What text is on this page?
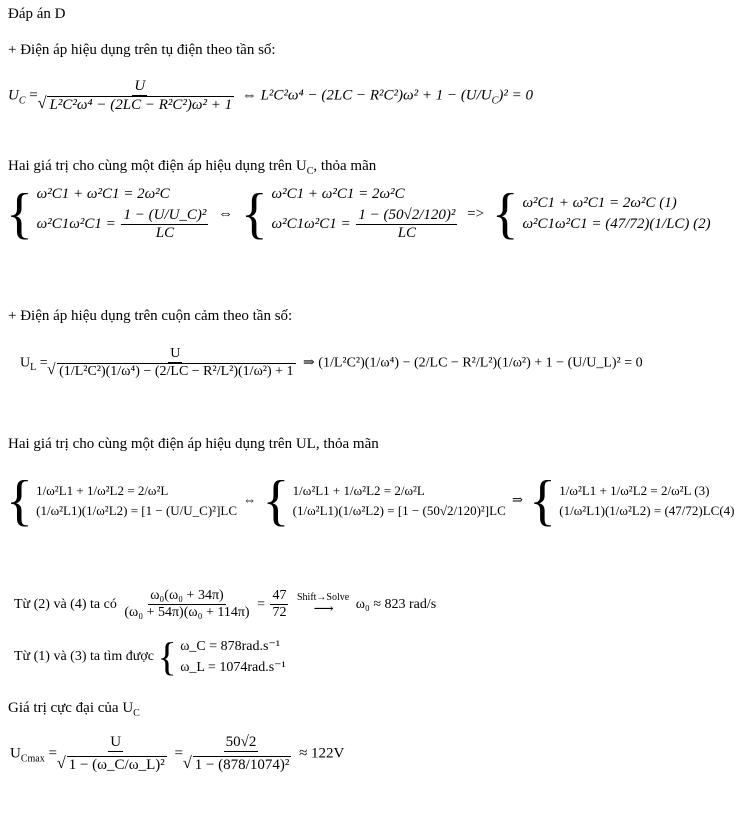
Đáp án D
+ Điện áp hiệu dụng trên tụ điện theo tần số:
$U_C = U$
√ L²C²ω⁴ − (2LC − R²C²)ω² + 1 ⇔ $L^2C^2\omega^4 - (2LC - R^2C^2)\omega^2 + 1 - (U/U_C)^2 = 0$
Hai giá trị cho cùng một điện áp hiệu dụng trên $U_C$, thỏa mãn
{ ω²C1 + ω²C1 = 2ω²C
$\omega^2C1\omega^2C1 = \frac{\text{1 − (U/U\_C)²}}{LC}$ ⇔ { ω²C1 + ω²C1 = 2ω²C
$\omega^2C1\omega^2C1 = \frac{\text{1 − (50√2/120)²}}{LC}$ => { ω²C1 + ω²C1 = 2ω²C (1)
ω²C1ω²C1 = (47/72)(1/LC) (2)
+ Điện áp hiệu dụng trên cuộn cảm theo tần số:
$U_L = U$
√ (1/L²C²)(1/ω⁴) − (2/LC − R²/L²)(1/ω²) + 1 ⇒ (1/L²C²)(1/ω⁴) − (2/LC − R²/L²)(1/ω²) + 1 − (U/U_L)² = 0
Hai giá trị cho cùng một điện áp hiệu dụng trên UL, thỏa mãn
{ 1/ω²L1 + 1/ω²L2 = 2/ω²L
(1/ω²L1)(1/ω²L2) = [1 − (U/U_C)²]LC
⇔ { 1/ω²L1 + 1/ω²L2 = 2/ω²L
(1/ω²L1)(1/ω²L2) = [1 − (50√2/120)²]LC
⇒ { 1/ω²L1 + 1/ω²L2 = 2/ω²L (3)
(1/ω²L1)(1/ω²L2) = (47/72)LC(4)
Từ (2) và (4) ta có $\frac{\text{ω₀(ω₀ + 34π)}}{\text{(ω₀ + 54π)(ω₀ + 114π)}} = \frac{47}{72}$
Shift→Solve
⟶ ω₀ ≈ 823 rad/s
Từ (1) và (3) ta tìm được { ω_C = 878rad.s⁻¹
ω_L = 1074rad.s⁻¹
Giá trị cực đại của $U_C$
$U_{Cmax} = U$
√ 1 − (ω_C/ω_L)² = 50√2
√ 1 − (878/1074)² ≈ 122V
